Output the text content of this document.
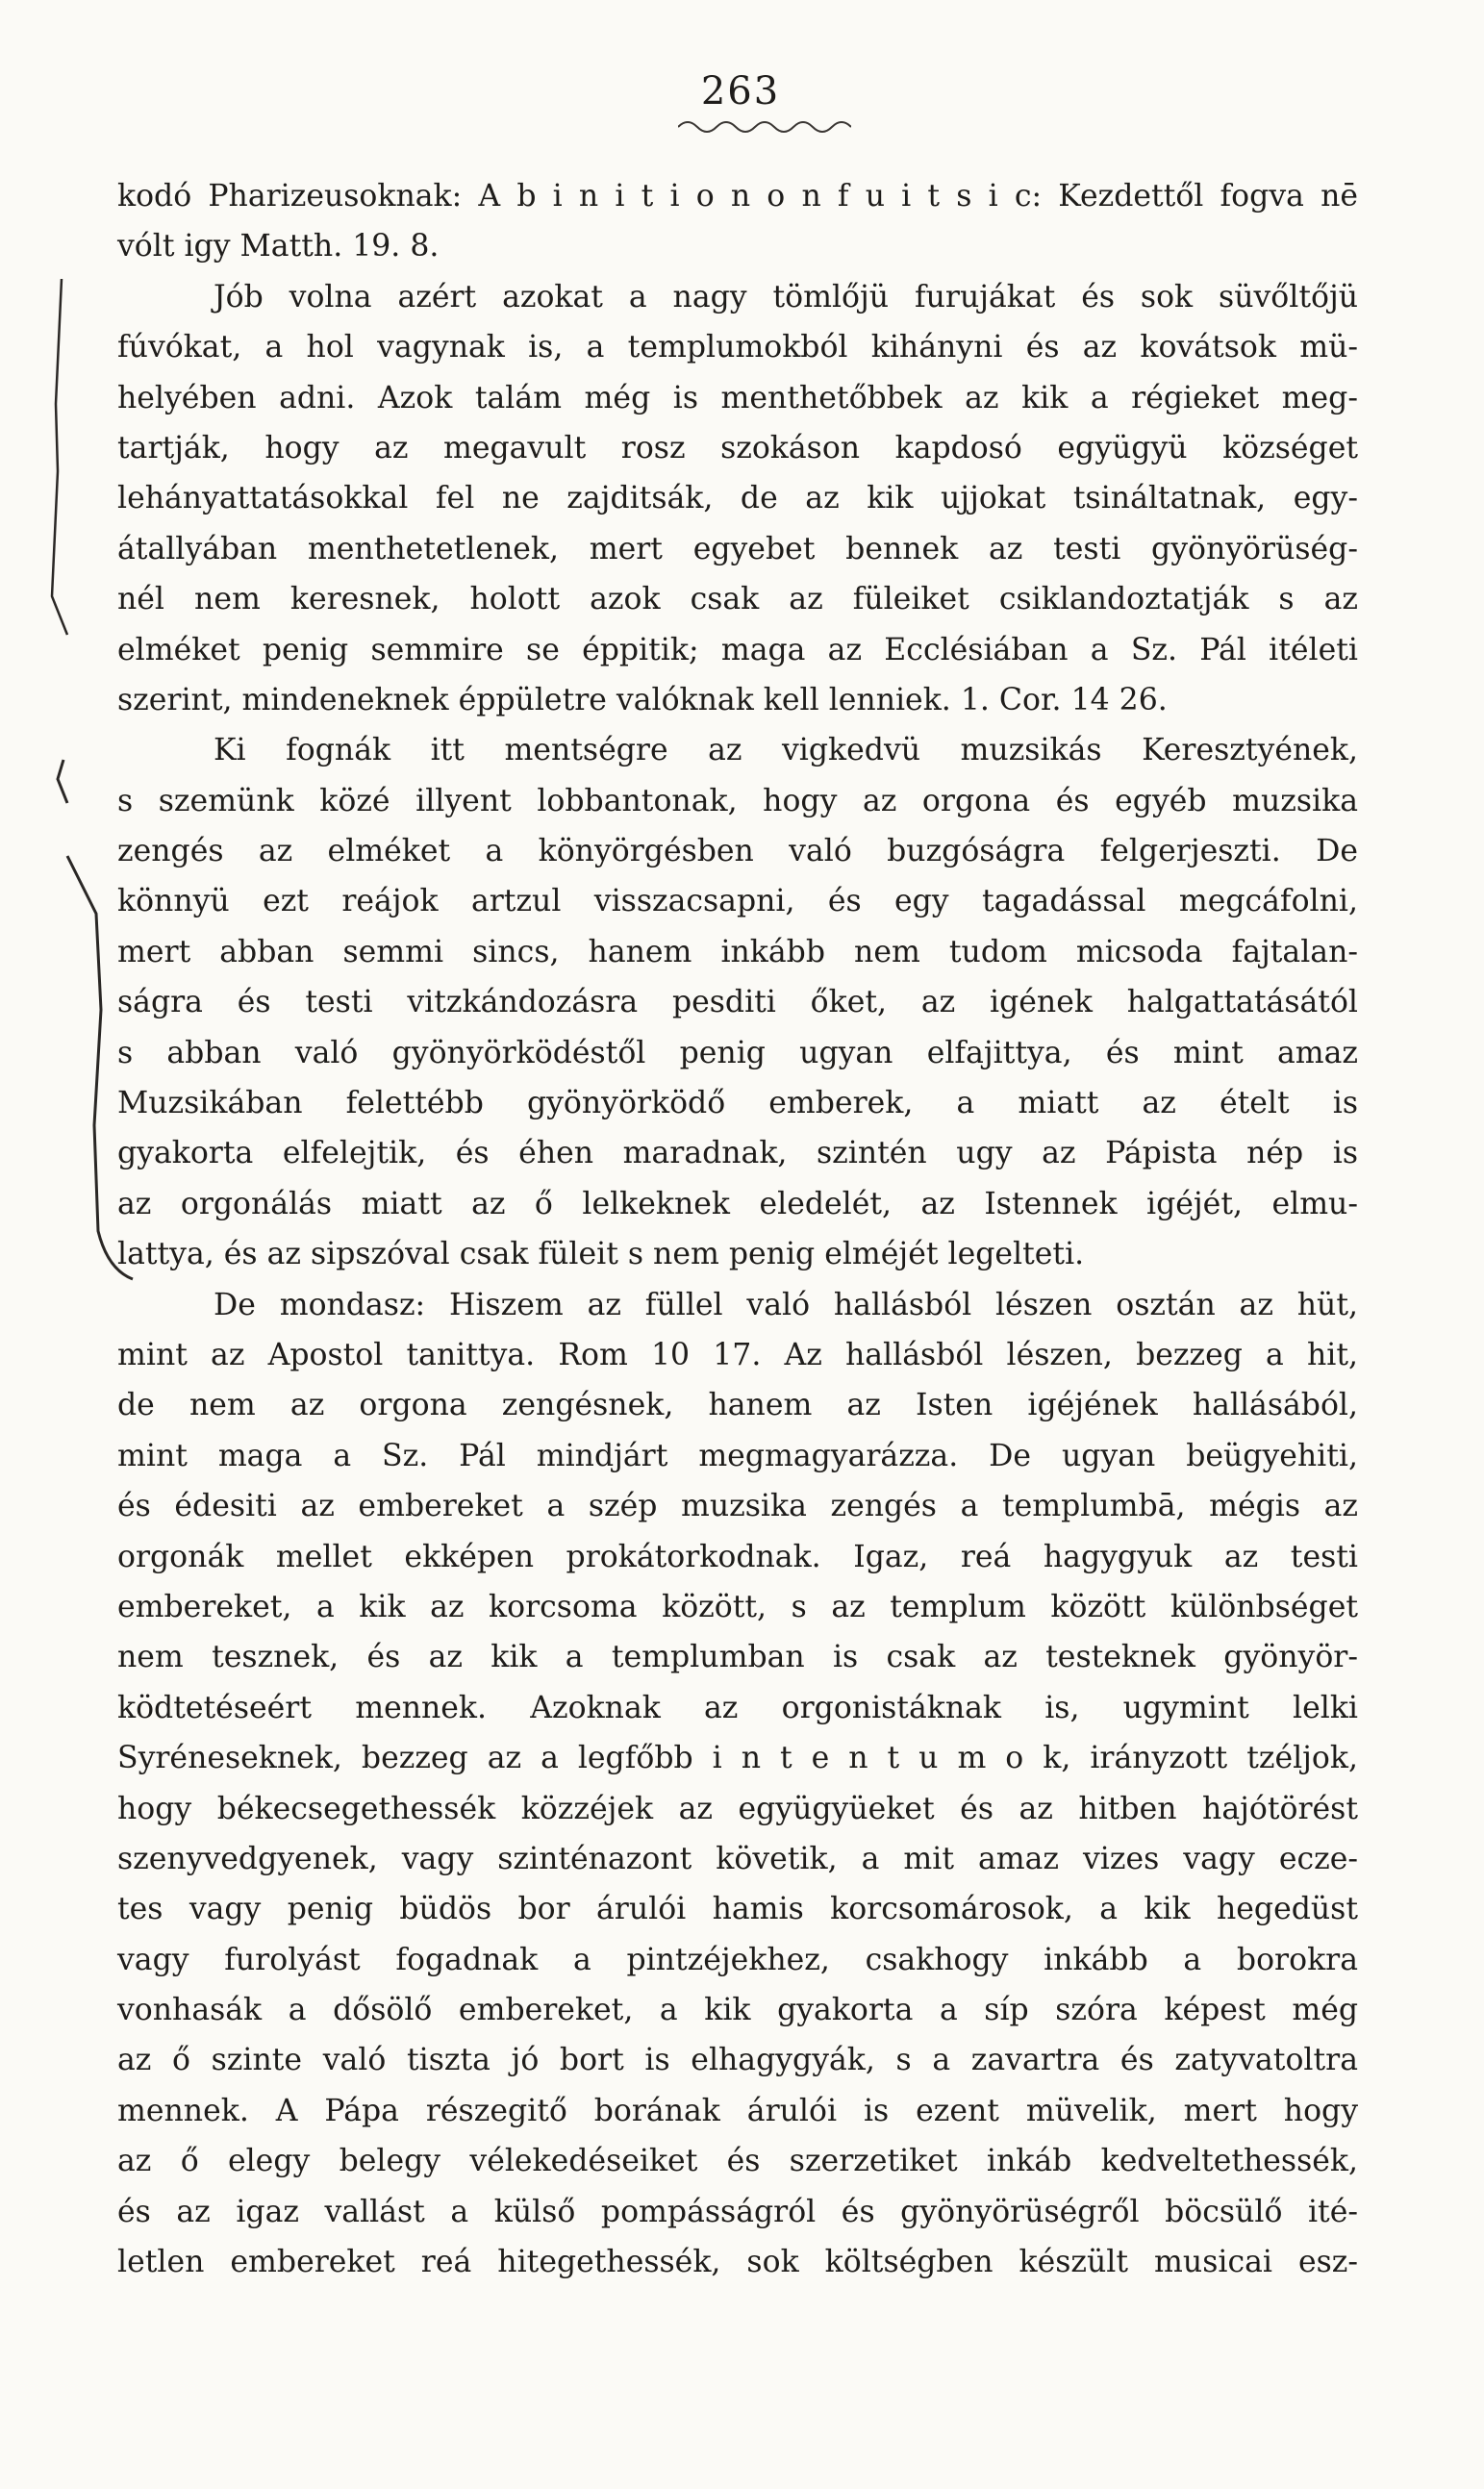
263
kodó Pharizeusoknak: A b i n i t i o n o n f u i t s i c: Kezdettől fogva nē
vólt igy Matth. 19. 8.
Jób volna azért azokat a nagy tömlőjü furujákat és sok süvőltőjü
fúvókat, a hol vagynak is, a templumokból kihányni és az kovátsok mü-
helyében adni. Azok talám még is menthetőbbek az kik a régieket meg-
tartják, hogy az megavult rosz szokáson kapdosó együgyü községet
lehányattatásokkal fel ne zajditsák, de az kik ujjokat tsináltatnak, egy-
átallyában menthetetlenek, mert egyebet bennek az testi gyönyörüség-
nél nem keresnek, holott azok csak az füleiket csiklandoztatják s az
elméket penig semmire se éppitik; maga az Ecclésiában a Sz. Pál itéleti
szerint, mindeneknek éppületre valóknak kell lenniek. 1. Cor. 14 26.
Ki fognák itt mentségre az vigkedvü muzsikás Keresztyének,
s szemünk közé illyent lobbantonak, hogy az orgona és egyéb muzsika
zengés az elméket a könyörgésben való buzgóságra felgerjeszti. De
könnyü ezt reájok artzul visszacsapni, és egy tagadással megcáfolni,
mert abban semmi sincs, hanem inkább nem tudom micsoda fajtalan-
ságra és testi vitzkándozásra pesditi őket, az igének halgattatásától
s abban való gyönyörködéstől penig ugyan elfajittya, és mint amaz
Muzsikában felettébb gyönyörködő emberek, a miatt az ételt is
gyakorta elfelejtik, és éhen maradnak, szintén ugy az Pápista nép is
az orgonálás miatt az ő lelkeknek eledelét, az Istennek igéjét, elmu-
lattya, és az sipszóval csak füleit s nem penig elméjét legelteti.
De mondasz: Hiszem az füllel való hallásból lészen osztán az hüt,
mint az Apostol tanittya. Rom 10 17. Az hallásból lészen, bezzeg a hit,
de nem az orgona zengésnek, hanem az Isten igéjének hallásából,
mint maga a Sz. Pál mindjárt megmagyarázza. De ugyan beügyehiti,
és édesiti az embereket a szép muzsika zengés a templumbā, mégis az
orgonák mellet ekképen prokátorkodnak. Igaz, reá hagygyuk az testi
embereket, a kik az korcsoma között, s az templum között különbséget
nem tesznek, és az kik a templumban is csak az testeknek gyönyör-
ködtetéseért mennek. Azoknak az orgonistáknak is, ugymint lelki
Syréneseknek, bezzeg az a legfőbb i n t e n t u m o k, irányzott tzéljok,
hogy békecsegethessék közzéjek az együgyüeket és az hitben hajótörést
szenyvedgyenek, vagy szinténazont követik, a mit amaz vizes vagy eczе-
tes vagy penig büdös bor árulói hamis korcsomárosok, a kik hegedüst
vagy furolyást fogadnak a pintzéjekhez, csakhogy inkább a borokra
vonhasák a dősölő embereket, a kik gyakorta a síp szóra képest még
az ő szinte való tiszta jó bort is elhagygyák, s a zavartra és zatyvatoltra
mennek. A Pápa részegitő borának árulói is ezent müvelik, mert hogy
az ő elegy belegy vélekedéseiket és szerzetiket inkáb kedveltethessék,
és az igaz vallást a külső pompásságról és gyönyörüségről böcsülő ité-
letlen embereket reá hitegethessék, sok költségben készült musicai esz-
